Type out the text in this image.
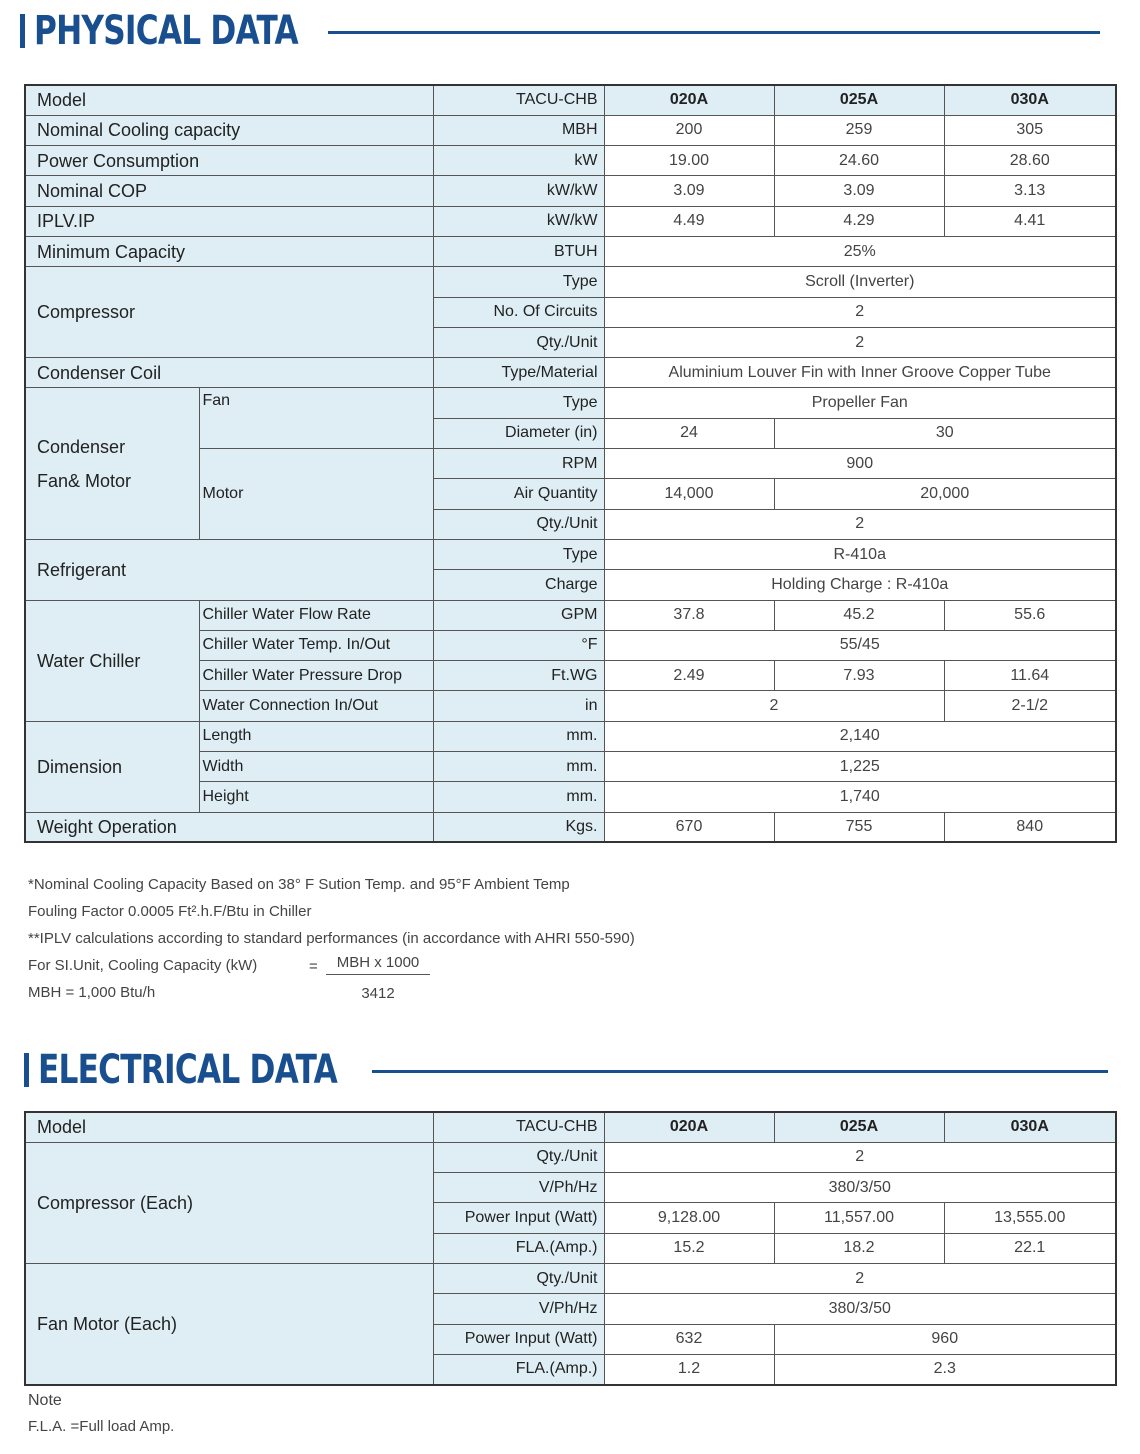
PHYSICAL DATA
Model		TACU-CHB	020A	025A	030A
Nominal Cooling capacity		MBH	200	259	305
Power Consumption		kW	19.00	24.60	28.60
Nominal COP		kW/kW	3.09	3.09	3.13
IPLV.IP		kW/kW	4.49	4.29	4.41
Minimum Capacity		BTUH	25%		
Compressor		Type	Scroll (Inverter)		
		No. Of Circuits	2		
		Qty./Unit	2		
Condenser Coil		Type/Material	Aluminium Louver Fin with Inner Groove Copper Tube		

Condenser
Fan& Motor	Fan	Type	Propeller Fan		
		Diameter (in)	24	30	
	Motor	RPM	900		
		Air Quantity	14,000	20,000	
		Qty./Unit	2		
Refrigerant		Type	R-410a		
		Charge	Holding Charge : R-410a		
Water Chiller	Chiller Water Flow Rate	GPM	37.8	45.2	55.6
	Chiller Water Temp. In/Out	°F	55/45		
	Chiller Water Pressure Drop	Ft.WG	2.49	7.93	11.64
	Water Connection In/Out	in	2		2-1/2
Dimension	Length	mm.	2,140		
	Width	mm.	1,225		
	Height	mm.	1,740		
Weight Operation		Kgs.	670	755	840
*Nominal Cooling Capacity Based on 38° F Sution Temp. and 95°F Ambient Temp
Fouling Factor 0.0005 Ft².h.F/Btu in Chiller
**IPLV calculations according to standard performances (in accordance with AHRI 550-590)
For SI.Unit, Cooling Capacity (kW)
MBH = 1,000 Btu/h
=	MBH x 1000
3412
ELECTRICAL DATA
Model	TACU-CHB	020A	025A	030A
Compressor (Each)	Qty./Unit	2		
	V/Ph/Hz	380/3/50		
	Power Input (Watt)	9,128.00	11,557.00	13,555.00
	FLA.(Amp.)	15.2	18.2	22.1
Fan Motor (Each)	Qty./Unit	2		
	V/Ph/Hz	380/3/50		
	Power Input (Watt)	632	960	
	FLA.(Amp.)	1.2	2.3	
Note
F.L.A. =Full load Amp.
